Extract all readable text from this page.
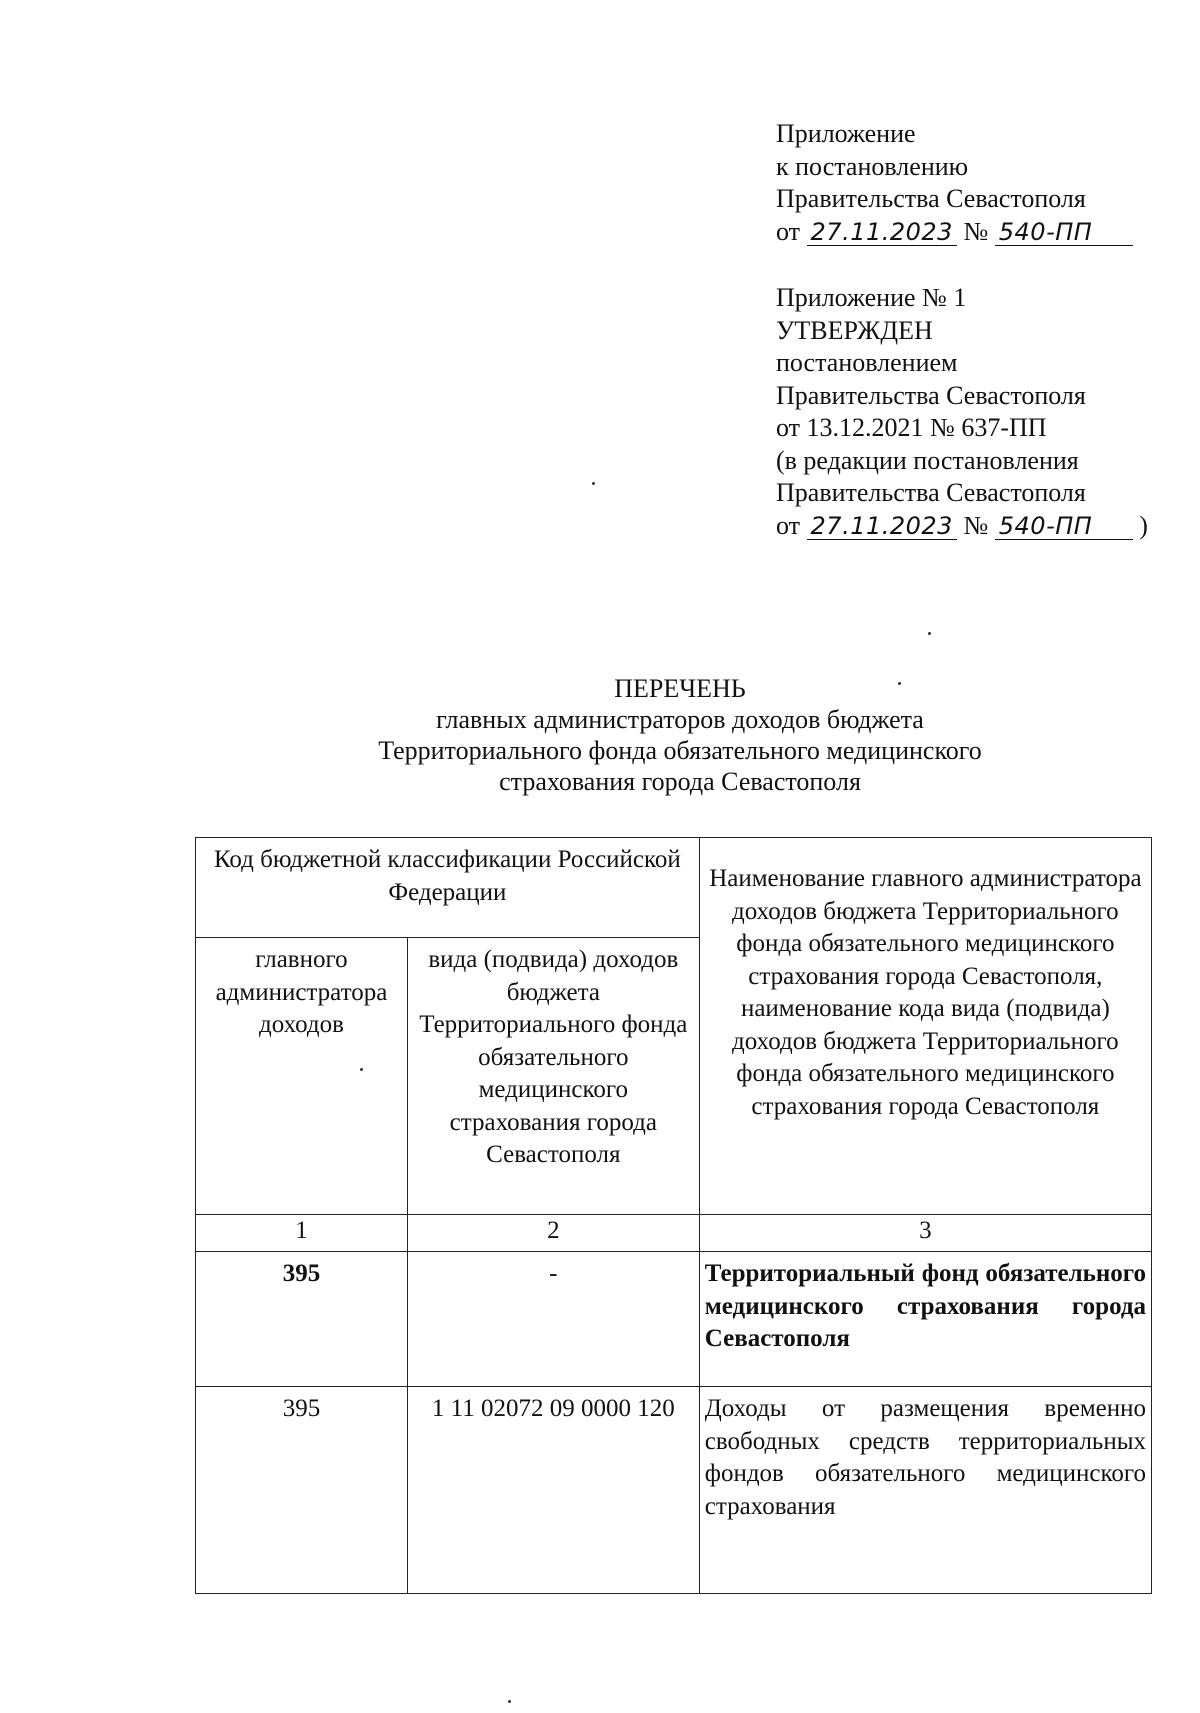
Приложение
к постановлению
Правительства Севастополя
от 27.11.2023 № 540-ПП
Приложение № 1
УТВЕРЖДЕН
постановлением
Правительства Севастополя
от 13.12.2021 № 637-ПП
(в редакции постановления
Правительства Севастополя
от 27.11.2023 № 540-ПП )
ПЕРЕЧЕНЬ
главных администраторов доходов бюджета
Территориального фонда обязательного медицинского
страхования города Севастополя
Код бюджетной классификации Российской Федерации		Наименование главного администратора доходов бюджета Территориального фонда обязательного медицинского страхования города Севастополя, наименование кода вида (подвида) доходов бюджета Территориального фонда обязательного медицинского страхования города Севастополя
главного администратора доходов	вида (подвида) доходов бюджета Территориального фонда обязательного медицинского страхования города Севастополя	
1	2	3
395	-	Территориальный фонд обязательного медицинского страхования города Севастополя
395	1 11 02072 09 0000 120	Доходы от размещения временно свободных средств территориальных фондов обязательного медицинского страхования
